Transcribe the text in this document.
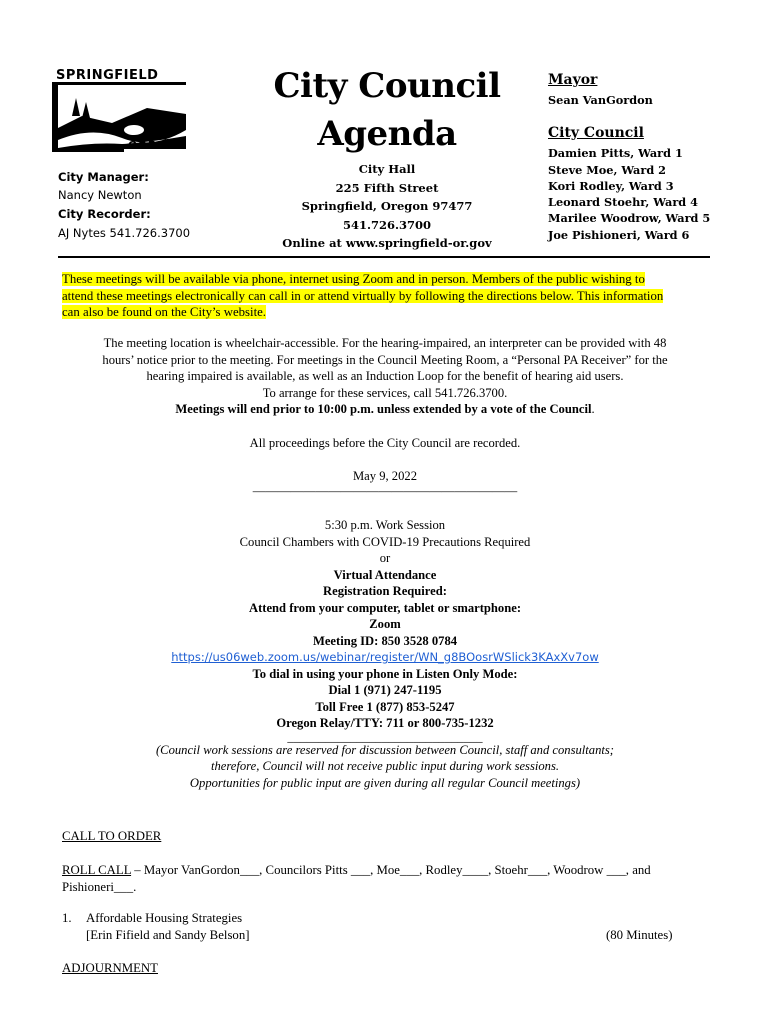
SPRINGFIELD
OREGON
City Manager:
Nancy Newton
City Recorder:
AJ Nytes 541.726.3700
City Council
Agenda
City Hall
225 Fifth Street
Springfield, Oregon 97477
541.726.3700
Online at www.springfield-or.gov
Mayor
Sean VanGordon
City Council
Damien Pitts, Ward 1
Steve Moe, Ward 2
Kori Rodley, Ward 3
Leonard Stoehr, Ward 4
Marilee Woodrow, Ward 5
Joe Pishioneri, Ward 6
These meetings will be available via phone, internet using Zoom and in person. Members of the public wishing to
attend these meetings electronically can call in or attend virtually by following the directions below. This information
can also be found on the City’s website.
The meeting location is wheelchair-accessible. For the hearing-impaired, an interpreter can be provided with 48
hours’ notice prior to the meeting. For meetings in the Council Meeting Room, a “Personal PA Receiver” for the
hearing impaired is available, as well as an Induction Loop for the benefit of hearing aid users.
To arrange for these services, call 541.726.3700.
Meetings will end prior to 10:00 p.m. unless extended by a vote of the Council.
All proceedings before the City Council are recorded.
May 9, 2022
—————————————————————
5:30 p.m. Work Session
Council Chambers with COVID-19 Precautions Required
or
Virtual Attendance
Registration Required:
Attend from your computer, tablet or smartphone:
Zoom
Meeting ID: 850 3528 0784
https://us06web.zoom.us/webinar/register/WN_g8BOosrWSlick3KAxXv7ow
To dial in using your phone in Listen Only Mode:
Dial 1 (971) 247-1195
Toll Free 1 (877) 853-5247
Oregon Relay/TTY: 711 or 800-735-1232
_______________________________
(Council work sessions are reserved for discussion between Council, staff and consultants;
therefore, Council will not receive public input during work sessions.
Opportunities for public input are given during all regular Council meetings)
CALL TO ORDER
ROLL CALL – Mayor VanGordon___, Councilors Pitts ___, Moe___, Rodley____, Stoehr___, Woodrow ___, and
Pishioneri___.
1. Affordable Housing Strategies
[Erin Fifield and Sandy Belson]	(80 Minutes)
ADJOURNMENT
